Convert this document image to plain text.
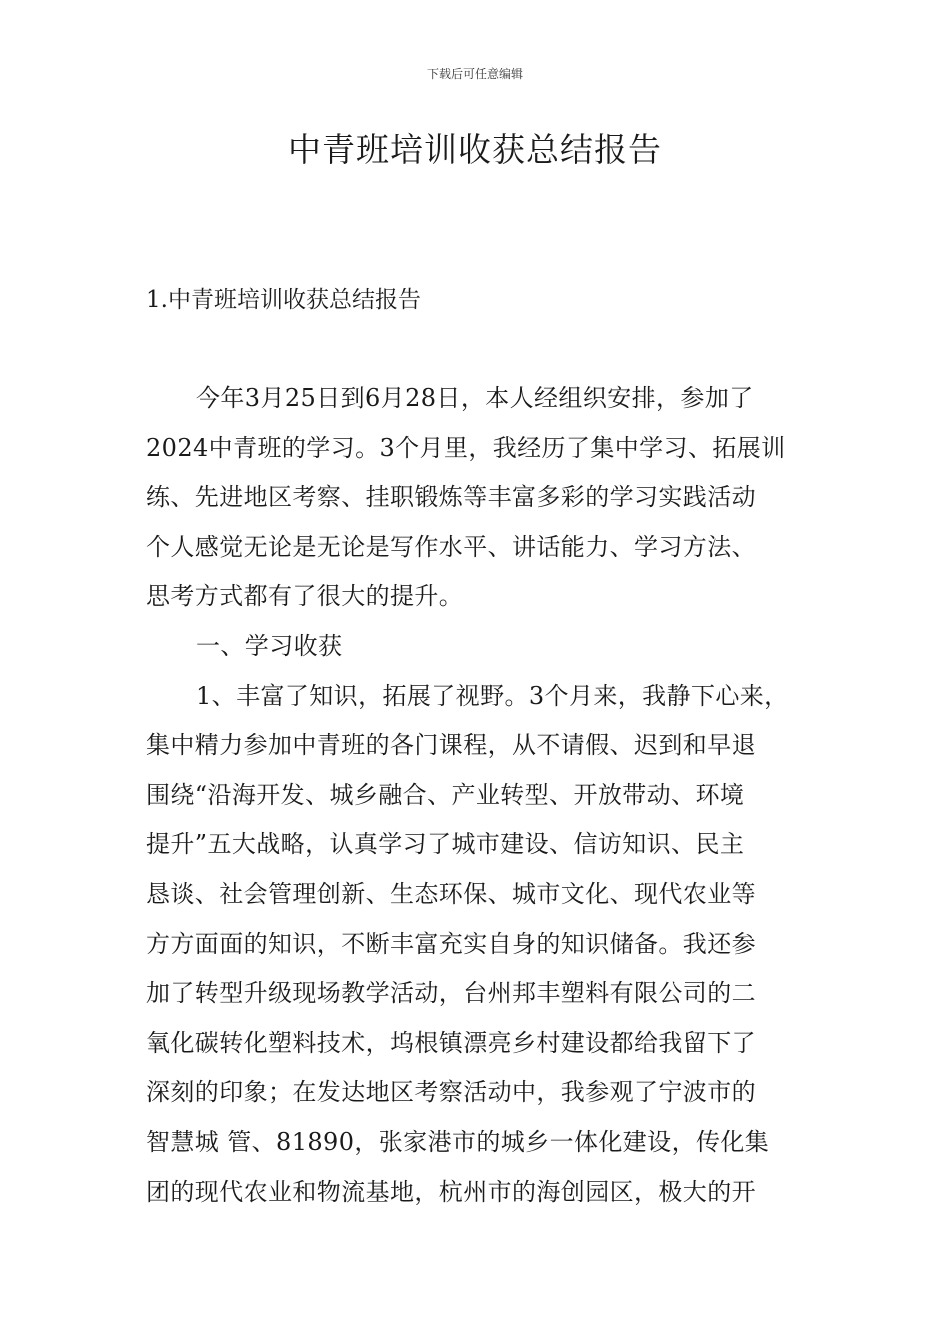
下载后可任意编辑
中青班培训收获总结报告
1.中青班培训收获总结报告
今年3月25日到6月28日，本人经组织安排，参加了
2024中青班的学习。3个月里，我经历了集中学习、拓展训
练、先进地区考察、挂职锻炼等丰富多彩的学习实践活动
个人感觉无论是无论是写作水平、讲话能力、学习方法、
思考方式都有了很大的提升。
一、学习收获
1、丰富了知识，拓展了视野。3个月来，我静下心来，
集中精力参加中青班的各门课程，从不请假、迟到和早退
围绕“沿海开发、城乡融合、产业转型、开放带动、环境
提升”五大战略，认真学习了城市建设、信访知识、民主
恳谈、社会管理创新、生态环保、城市文化、现代农业等
方方面面的知识，不断丰富充实自身的知识储备。我还参
加了转型升级现场教学活动，台州邦丰塑料有限公司的二
氧化碳转化塑料技术，坞根镇漂亮乡村建设都给我留下了
深刻的印象；在发达地区考察活动中，我参观了宁波市的
智慧城 管、81890，张家港市的城乡一体化建设，传化集
团的现代农业和物流基地，杭州市的海创园区，极大的开
